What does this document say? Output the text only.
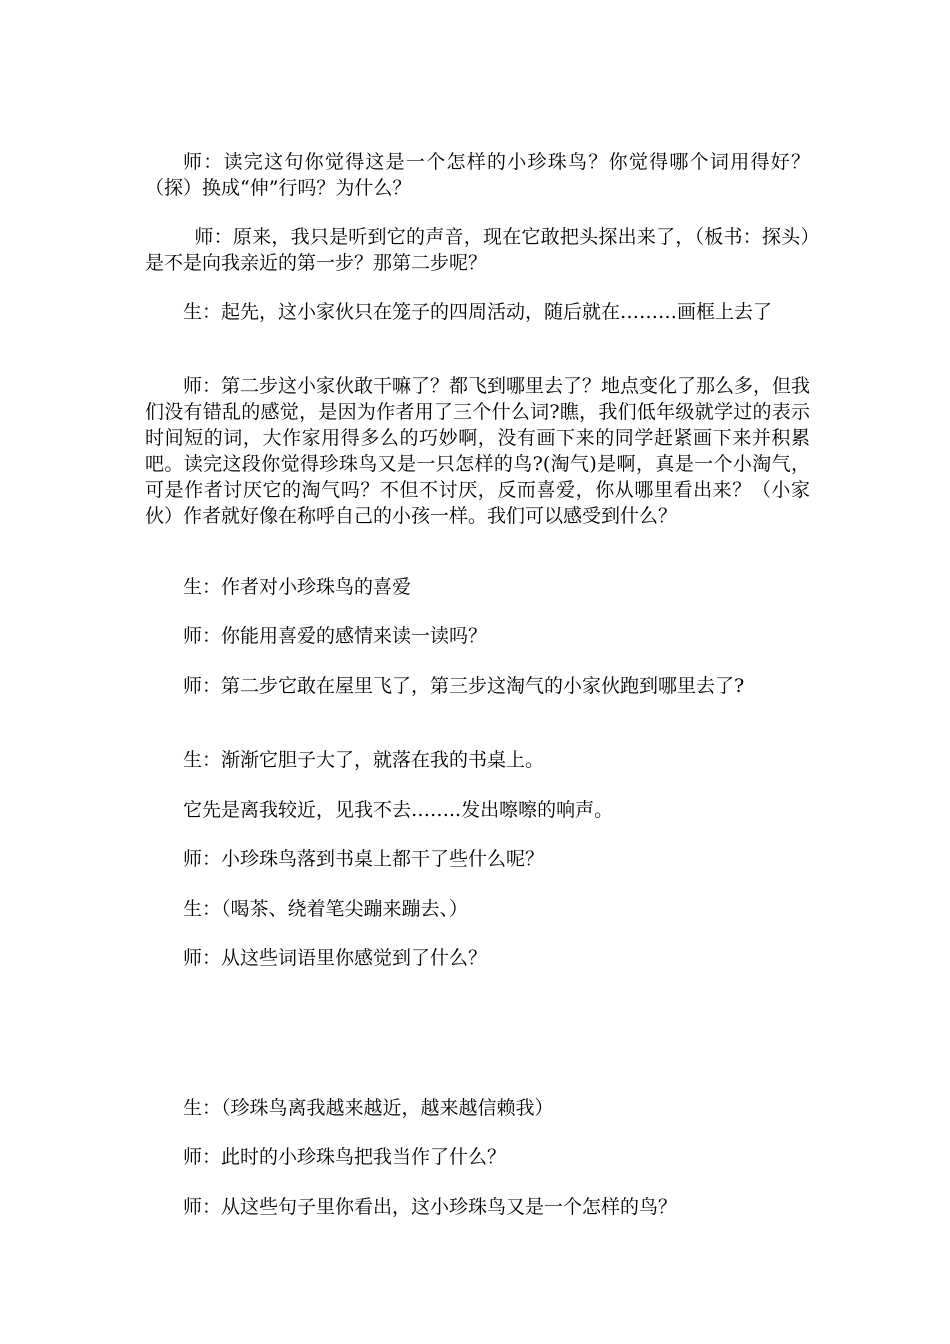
师：读完这句你觉得这是一个怎样的小珍珠鸟？你觉得哪个词用得好？（探）换成“伸”行吗？为什么？

师：原来，我只是听到它的声音，现在它敢把头探出来了，（板书：探头）是不是向我亲近的第一步？那第二步呢？

生：起先，这小家伙只在笼子的四周活动，随后就在………画框上去了

师：第二步这小家伙敢干嘛了？都飞到哪里去了？地点变化了那么多，但我们没有错乱的感觉，是因为作者用了三个什么词?瞧，我们低年级就学过的表示时间短的词，大作家用得多么的巧妙啊，没有画下来的同学赶紧画下来并积累吧。读完这段你觉得珍珠鸟又是一只怎样的鸟?(淘气)是啊，真是一个小淘气，可是作者讨厌它的淘气吗？不但不讨厌，反而喜爱，你从哪里看出来？（小家伙）作者就好像在称呼自己的小孩一样。我们可以感受到什么？

生：作者对小珍珠鸟的喜爱

师：你能用喜爱的感情来读一读吗？

师：第二步它敢在屋里飞了，第三步这淘气的小家伙跑到哪里去了?

生：渐渐它胆子大了，就落在我的书桌上。

它先是离我较近，见我不去……..发出嚓嚓的响声。

师：小珍珠鸟落到书桌上都干了些什么呢？

生：（喝茶、绕着笔尖蹦来蹦去、）

师：从这些词语里你感觉到了什么？

生：（珍珠鸟离我越来越近，越来越信赖我）

师：此时的小珍珠鸟把我当作了什么？

师：从这些句子里你看出，这小珍珠鸟又是一个怎样的鸟？
